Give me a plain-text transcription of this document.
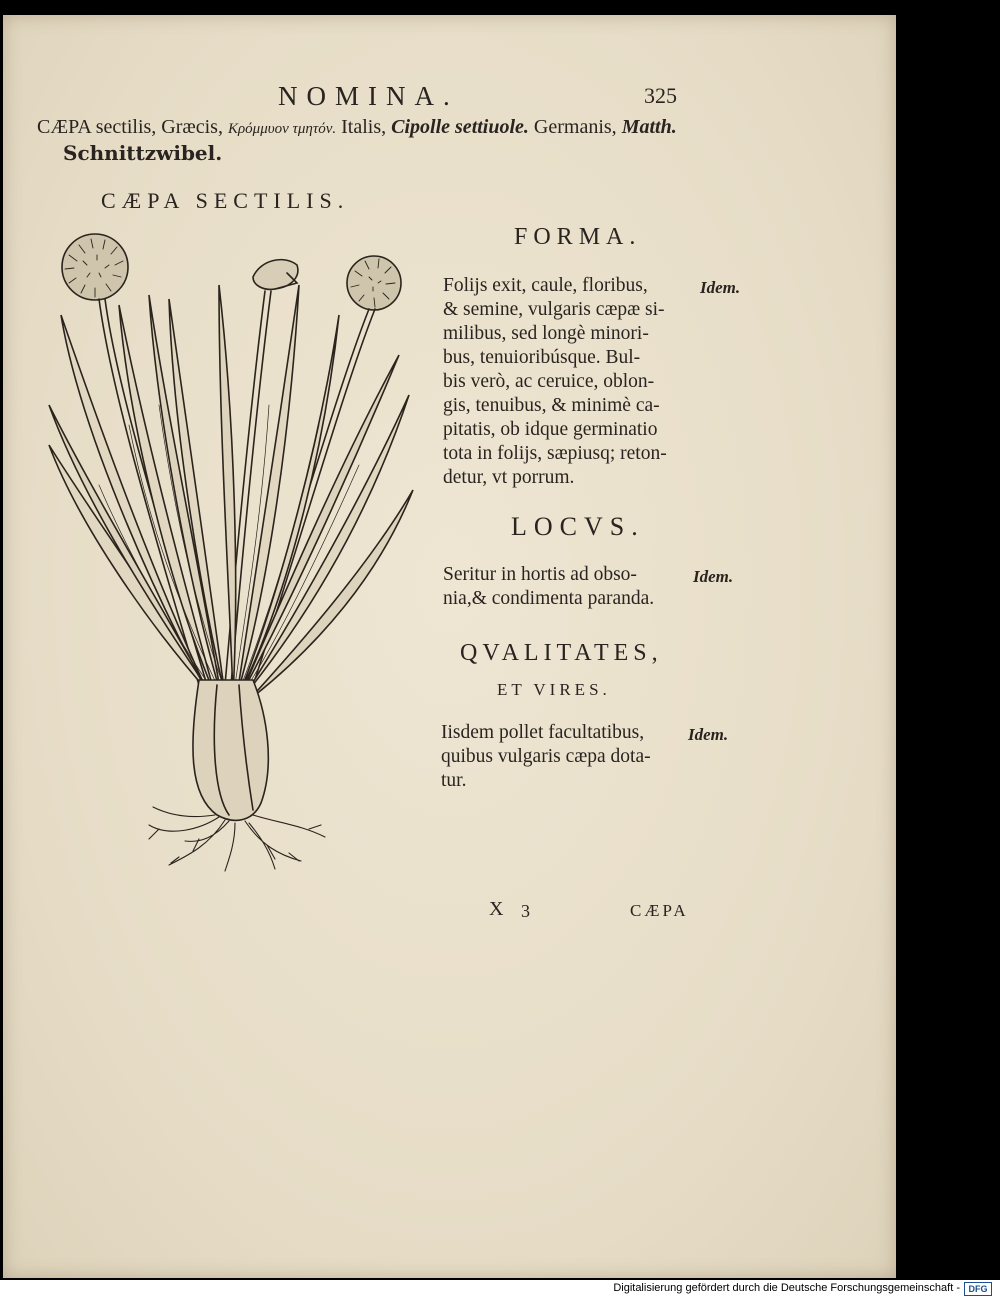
NOMINA.	325
CÆPA sectilis, Græcis, Κρόμμυον τμητόν. Italis, Cipolle settiuole. Germanis, Matth.
Schnittzwibel.
CÆPA SECTILIS.
FORMA.
Folijs exit, caule, floribus,
& semine, vulgaris cæpæ si-
milibus, sed longè minori-
bus, tenuioribúsque. Bul-
bis verò, ac ceruice, oblon-
gis, tenuibus, & minimè ca-
pitatis, ob idque germinatio
tota in folijs, sæpiusq; reton-
detur, vt porrum.
Idem.
LOCVS.
Seritur in hortis ad obso-
nia,& condimenta paranda.
Idem.
QVALITATES,
ET VIRES.
Iisdem pollet facultatibus,
quibus vulgaris cæpa dota-
tur.
Idem.
X 3	CÆPA
Digitalisierung gefördert durch die Deutsche Forschungsgemeinschaft - DFG
